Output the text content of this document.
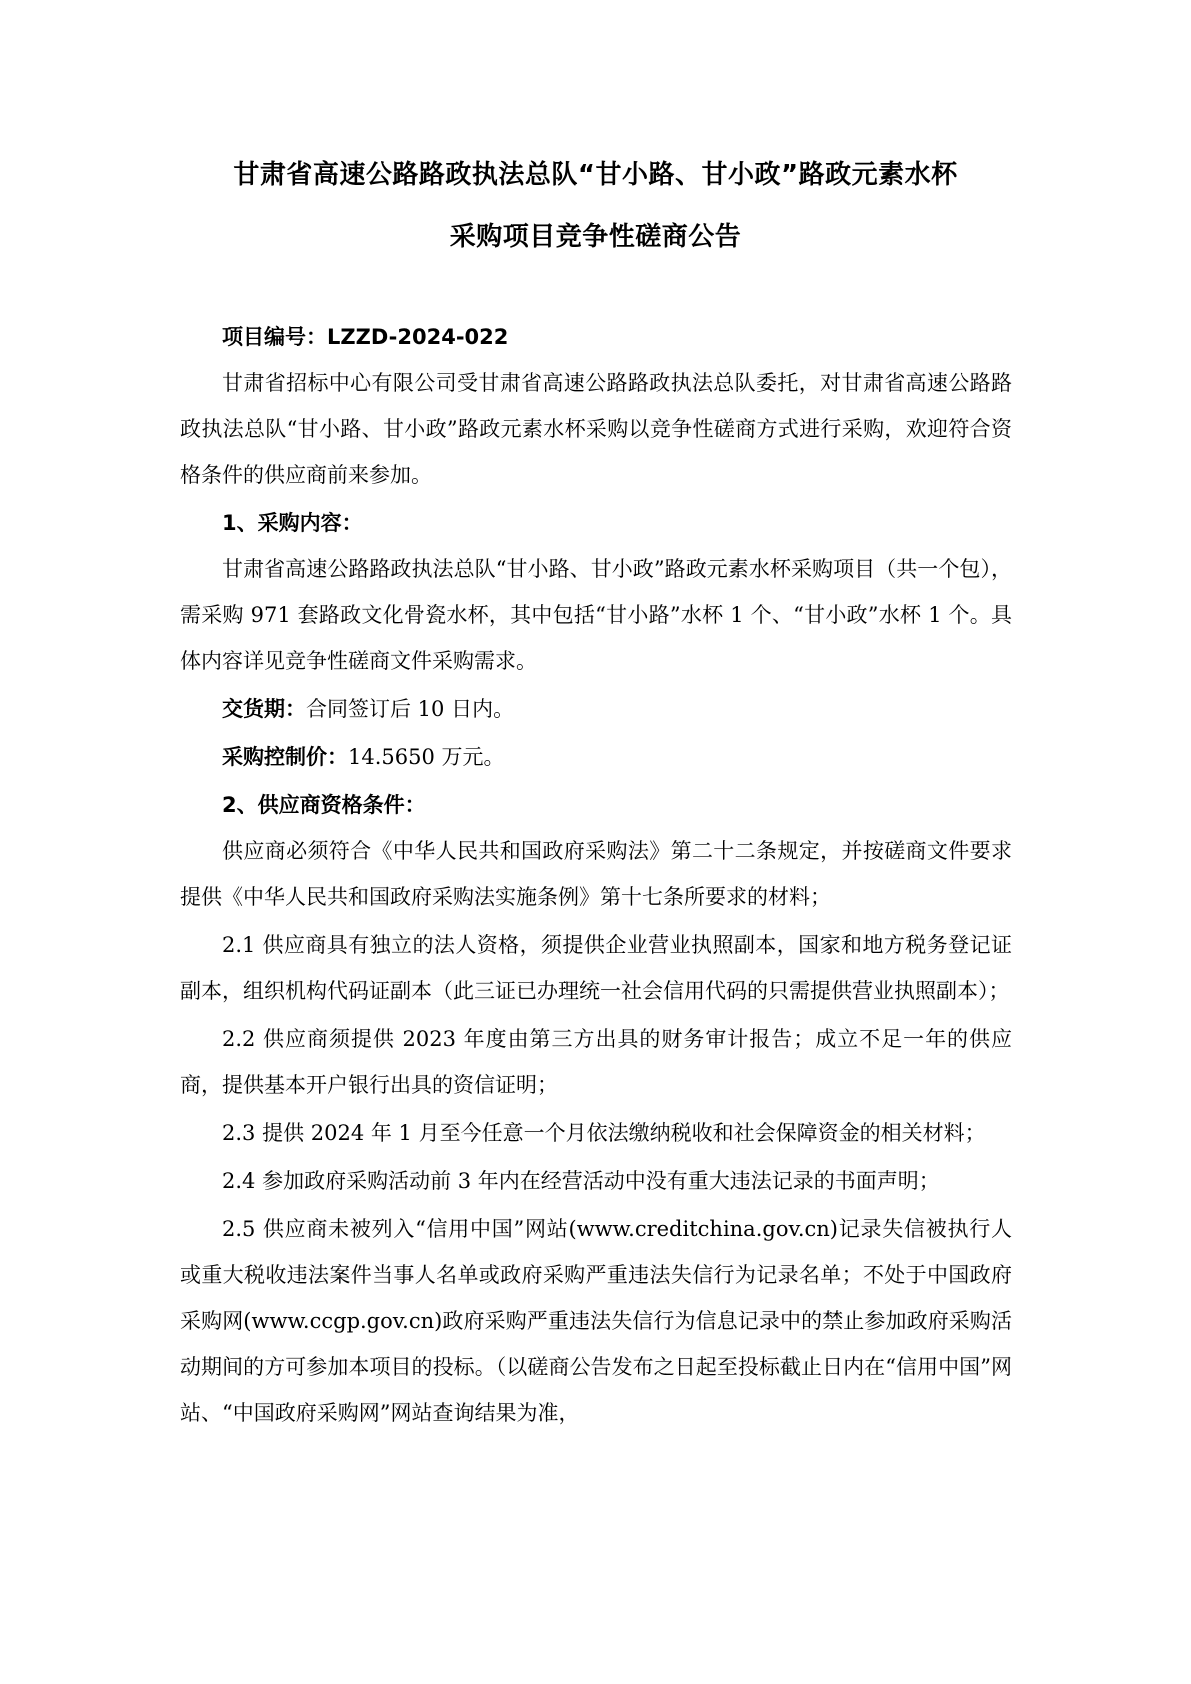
甘肃省高速公路路政执法总队“甘小路、甘小政”路政元素水杯
采购项目竞争性磋商公告

项目编号：LZZD-2024-022

甘肃省招标中心有限公司受甘肃省高速公路路政执法总队委托，对甘肃省高速公路路政执法总队“甘小路、甘小政”路政元素水杯采购以竞争性磋商方式进行采购，欢迎符合资格条件的供应商前来参加。

1、采购内容：

甘肃省高速公路路政执法总队“甘小路、甘小政”路政元素水杯采购项目（共一个包），需采购 971 套路政文化骨瓷水杯，其中包括“甘小路”水杯 1 个、“甘小政”水杯 1 个。具体内容详见竞争性磋商文件采购需求。

交货期：合同签订后 10 日内。

采购控制价：14.5650 万元。

2、供应商资格条件：

供应商必须符合《中华人民共和国政府采购法》第二十二条规定，并按磋商文件要求提供《中华人民共和国政府采购法实施条例》第十七条所要求的材料；

2.1 供应商具有独立的法人资格，须提供企业营业执照副本，国家和地方税务登记证副本，组织机构代码证副本（此三证已办理统一社会信用代码的只需提供营业执照副本）；

2.2 供应商须提供 2023 年度由第三方出具的财务审计报告；成立不足一年的供应商，提供基本开户银行出具的资信证明；

2.3 提供 2024 年 1 月至今任意一个月依法缴纳税收和社会保障资金的相关材料；

2.4 参加政府采购活动前 3 年内在经营活动中没有重大违法记录的书面声明；

2.5 供应商未被列入“信用中国”网站(www.creditchina.gov.cn)记录失信被执行人或重大税收违法案件当事人名单或政府采购严重违法失信行为记录名单；不处于中国政府采购网(www.ccgp.gov.cn)政府采购严重违法失信行为信息记录中的禁止参加政府采购活动期间的方可参加本项目的投标。（以磋商公告发布之日起至投标截止日内在“信用中国”网站、“中国政府采购网”网站查询结果为准，
